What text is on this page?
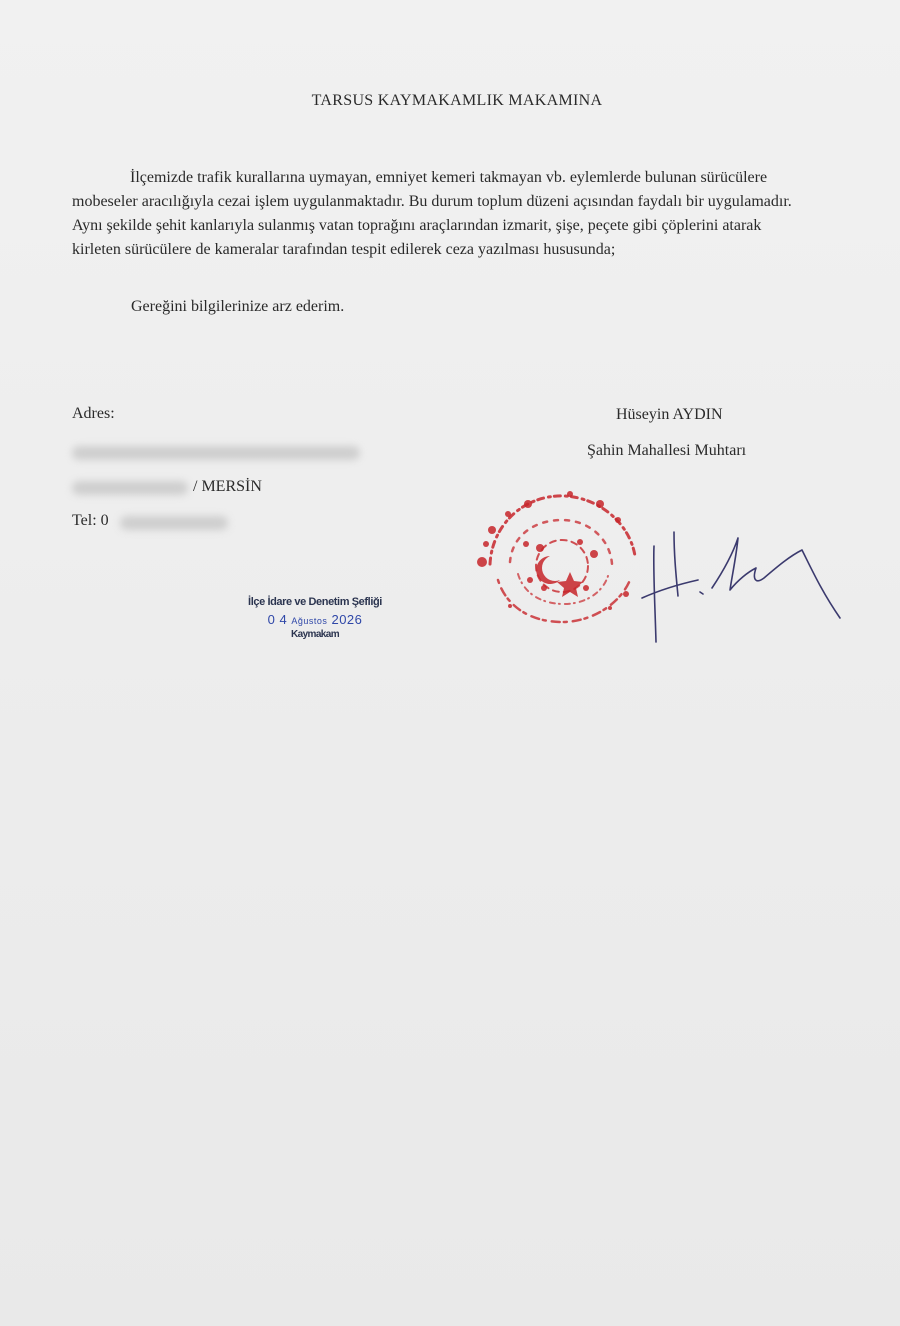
TARSUS KAYMAKAMLIK MAKAMINA

İlçemizde trafik kurallarına uymayan, emniyet kemeri takmayan vb. eylemlerde bulunan sürücülere mobeseler aracılığıyla cezai işlem uygulanmaktadır. Bu durum toplum düzeni açısından faydalı bir uygulamadır. Aynı şekilde şehit kanlarıyla sulanmış vatan toprağını araçlarından izmarit, şişe, peçete gibi çöplerini atarak kirleten sürücülere de kameralar tarafından tespit edilerek ceza yazılması hususunda;

Gereğini bilgilerinize arz ederim.
Adres:
/ MERSİN
Tel: 0
Hüseyin AYDIN
Şahin Mahallesi Muhtarı
İlçe İdare ve Denetim Şefliği
0 4 Ağustos 2026
Kaymakam
